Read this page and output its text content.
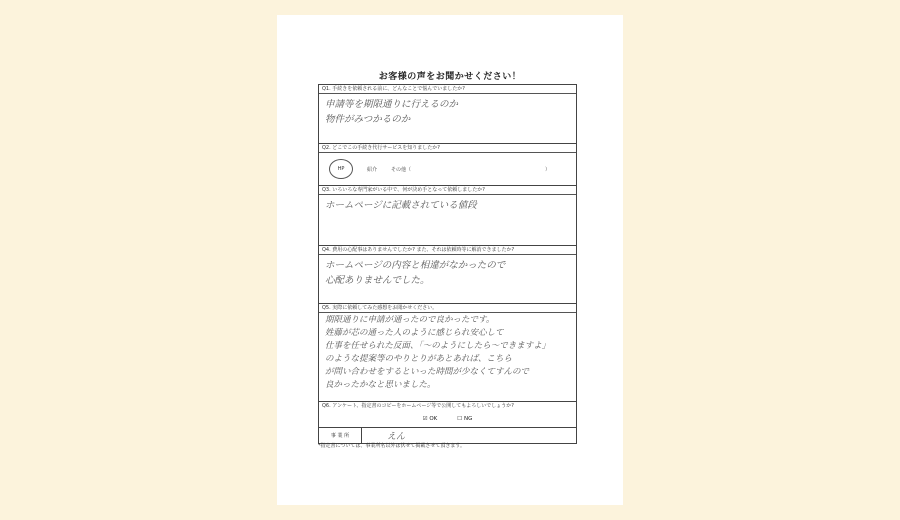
お客様の声をお聞かせください！
Q1. 手続きを依頼される前に、どんなことで悩んでいましたか?
申請等を期限通りに行えるのか
物件がみつかるのか
Q2. どこでこの手続き代行サービスを知りましたか?
HP	紹介	その他（	）
Q3. いろいろな専門家がいる中で、何が決め手となって依頼しましたか?
ホームページに記載されている値段
Q4. 費用の心配事はありませんでしたか? また、それは依頼時等に解消できましたか?
ホームページの内容と相違がなかったので
心配ありませんでした。
Q5. 実際に依頼してみた感想をお聞かせください。
期限通りに申請が通ったので良かったです。
姓藤が芯の通った人のように感じられ安心して
仕事を任せられた反面、「～のようにしたら～できますよ」
のような提案等のやりとりがあとあれば、こちら
が問い合わせをするといった時間が少なくてすんので
良かったかなと思いました。
Q6. アンケート、指定書のコピーをホームページ等で公開してもよろしいでしょうか?
☑ OK	☐ NG
事 業 所	えん
*指定書については、事業所名以外は伏せて掲載させて頂きます。
